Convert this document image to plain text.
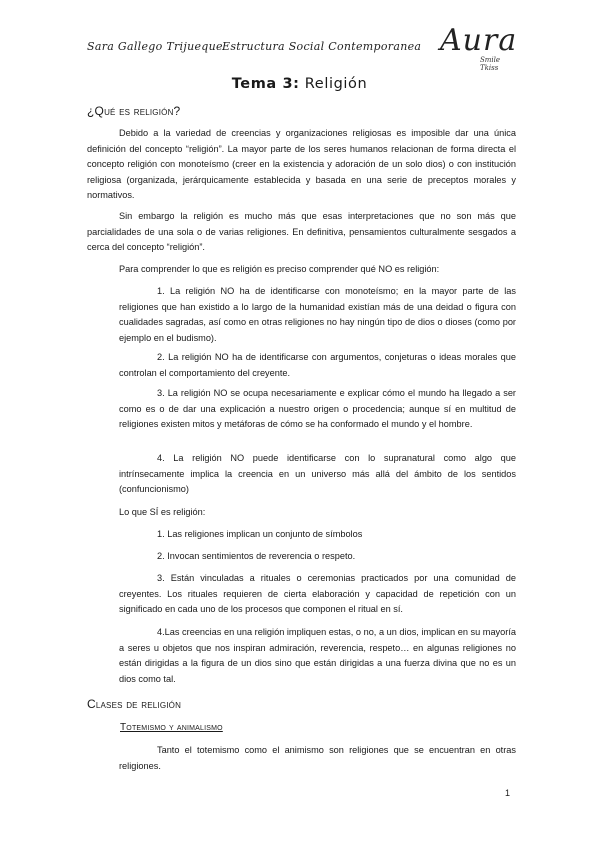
Sara Gallego Trijueque Estructura Social Contemporanea Aura
Smile Tkiss
Tema 3: Religión
¿Qué es religión?
Debido a la variedad de creencias y organizaciones religiosas es imposible dar una única definición del concepto “religión”. La mayor parte de los seres humanos relacionan de forma directa el concepto religión con monoteísmo (creer en la existencia y adoración de un solo dios) o con institución religiosa (organizada, jerárquicamente establecida y basada en una serie de preceptos morales y normativos.
Sin embargo la religión es mucho más que esas interpretaciones que no son más que parcialidades de una sola o de varias religiones. En definitiva, pensamientos culturalmente sesgados a cerca del concepto “religión”.
Para comprender lo que es religión es preciso comprender qué NO es religión:
1. La religión NO ha de identificarse con monoteísmo; en la mayor parte de las religiones que han existido a lo largo de la humanidad existían más de una deidad o figura con cualidades sagradas, así como en otras religiones no hay ningún tipo de dios o dioses (como por ejemplo en el budismo).
2. La religión NO ha de identificarse con argumentos, conjeturas o ideas morales que controlan el comportamiento del creyente.
3. La religión NO se ocupa necesariamente e explicar cómo el mundo ha llegado a ser como es o de dar una explicación a nuestro origen o procedencia; aunque sí en multitud de religiones existen mitos y metáforas de cómo se ha conformado el mundo y el hombre.
4. La religión NO puede identificarse con lo supranatural como algo que intrínsecamente implica la creencia en un universo más allá del ámbito de los sentidos (confuncionismo)
Lo que SÍ es religión:
1. Las religiones implican un conjunto de símbolos
2. Invocan sentimientos de reverencia o respeto.
3. Están vinculadas a rituales o ceremonias practicados por una comunidad de creyentes. Los rituales requieren de cierta elaboración y capacidad de repetición con un significado en cada uno de los procesos que componen el ritual en sí.
4.Las creencias en una religión impliquen estas, o no, a un dios, implican en su mayoría a seres u objetos que nos inspiran admiración, reverencia, respeto… en algunas religiones no están dirigidas a la figura de un dios sino que están dirigidas a una fuerza divina que no es un dios como tal.
Clases de religión
Totemismo y animalismo
Tanto el totemismo como el animismo son religiones que se encuentran en otras religiones.
1
